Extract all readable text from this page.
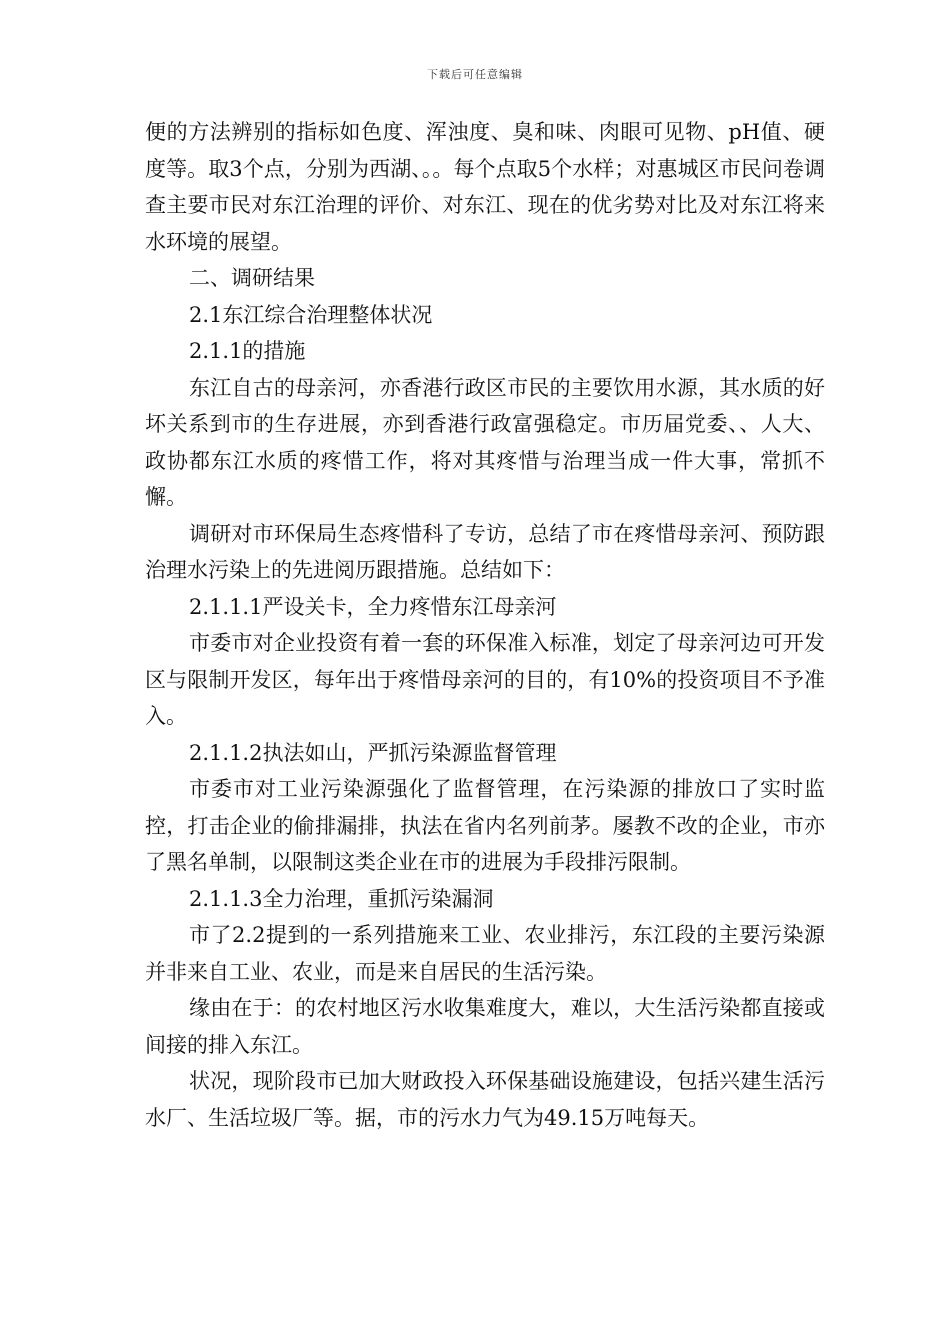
下载后可任意编辑

便的方法辨别的指标如色度、浑浊度、臭和味、肉眼可见物、pH值、硬度等。取3个点，分别为西湖、。。每个点取5个水样；对惠城区市民问卷调查主要市民对东江治理的评价、对东江、现在的优劣势对比及对东江将来水环境的展望。

二、调研结果

2.1东江综合治理整体状况

2.1.1的措施

东江自古的母亲河，亦香港行政区市民的主要饮用水源，其水质的好坏关系到市的生存进展，亦到香港行政富强稳定。市历届党委、、人大、政协都东江水质的疼惜工作，将对其疼惜与治理当成一件大事，常抓不懈。

调研对市环保局生态疼惜科了专访，总结了市在疼惜母亲河、预防跟治理水污染上的先进阅历跟措施。总结如下：

2.1.1.1严设关卡，全力疼惜东江母亲河

市委市对企业投资有着一套的环保准入标准，划定了母亲河边可开发区与限制开发区，每年出于疼惜母亲河的目的，有10%的投资项目不予准入。

2.1.1.2执法如山，严抓污染源监督管理

市委市对工业污染源强化了监督管理，在污染源的排放口了实时监控，打击企业的偷排漏排，执法在省内名列前茅。屡教不改的企业，市亦了黑名单制，以限制这类企业在市的进展为手段排污限制。

2.1.1.3全力治理，重抓污染漏洞

市了2.2提到的一系列措施来工业、农业排污，东江段的主要污染源并非来自工业、农业，而是来自居民的生活污染。

缘由在于：的农村地区污水收集难度大，难以，大生活污染都直接或间接的排入东江。

状况，现阶段市已加大财政投入环保基础设施建设，包括兴建生活污水厂、生活垃圾厂等。据，市的污水力气为49.15万吨每天。
